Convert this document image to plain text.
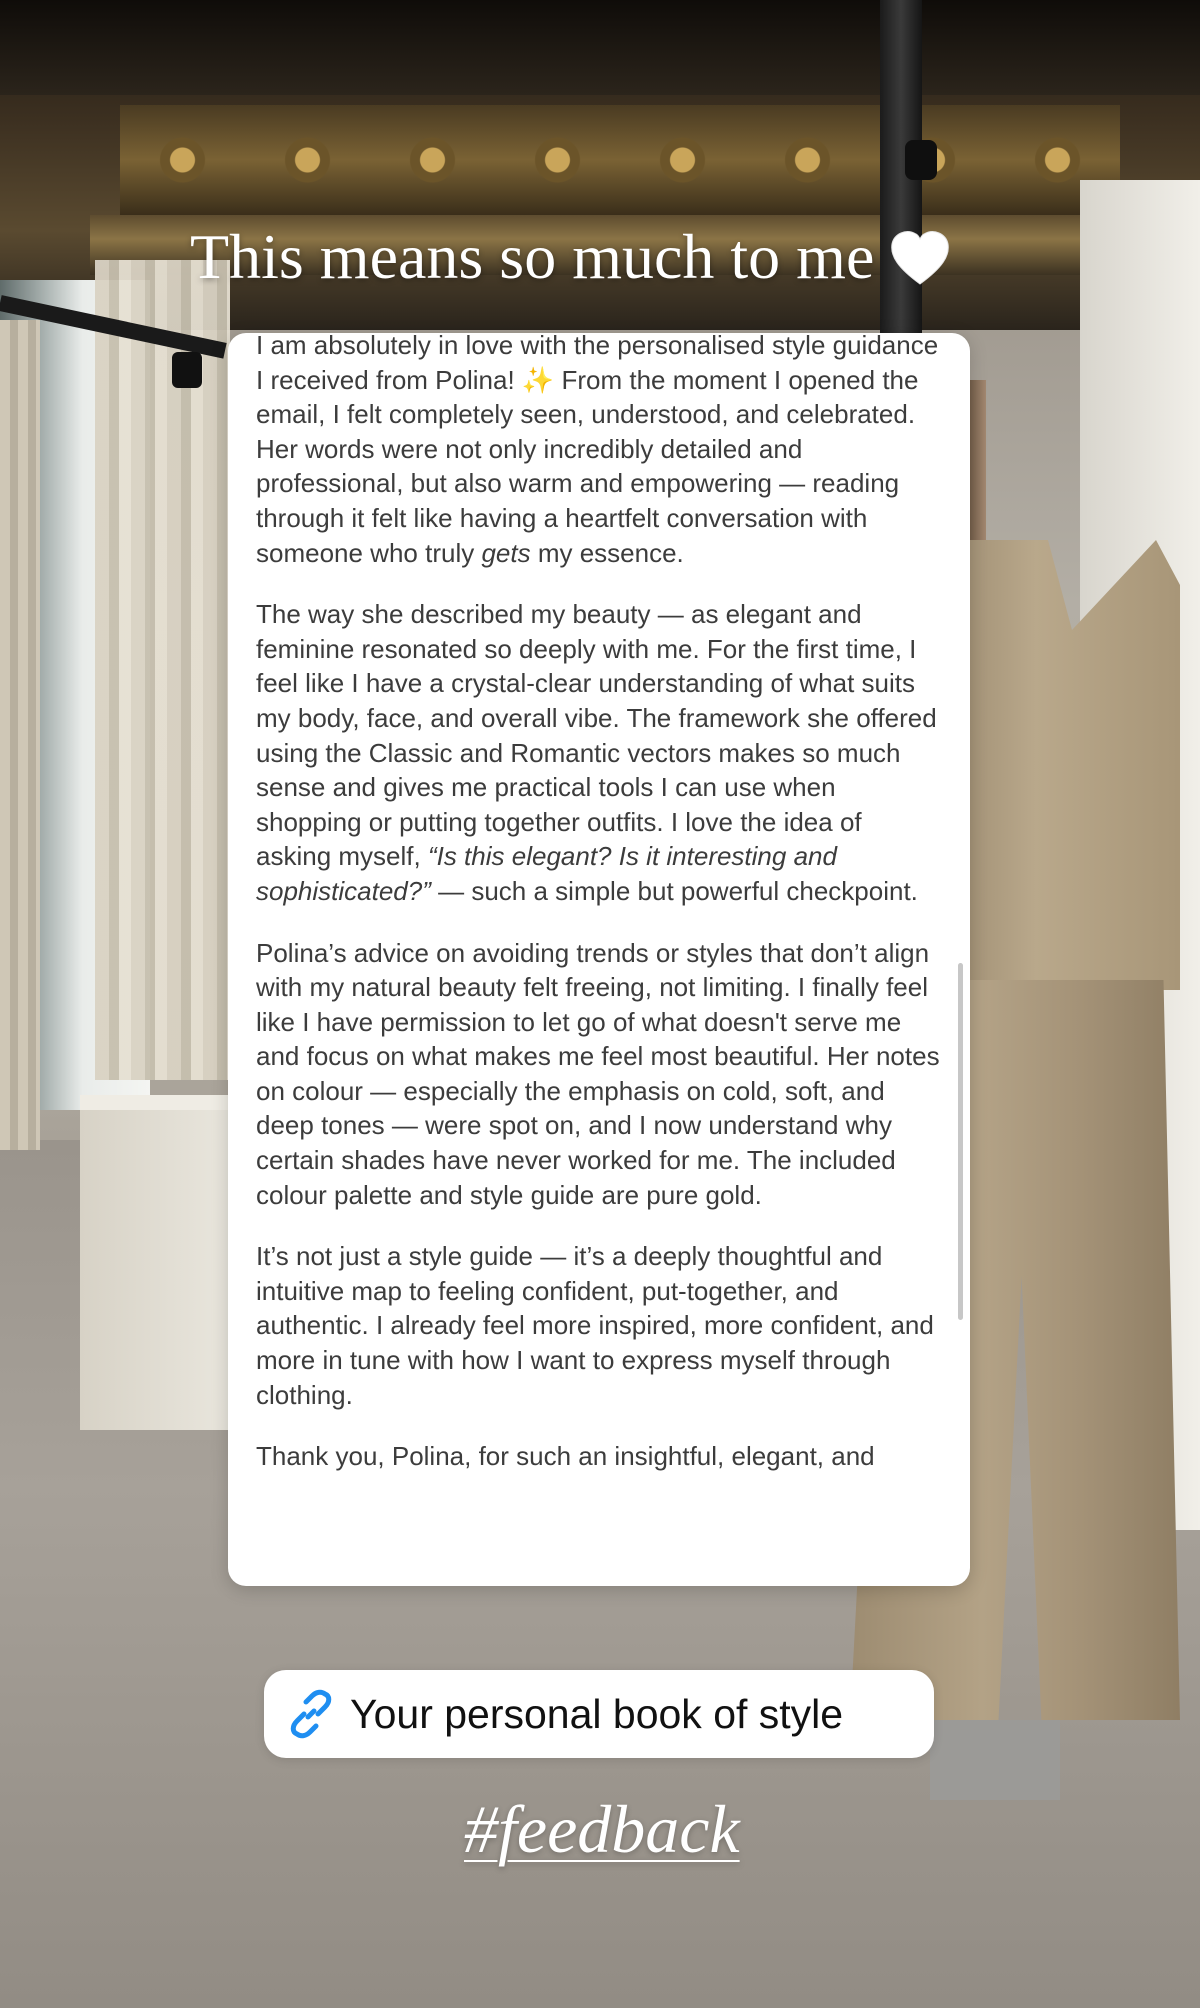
This means so much to me

I am absolutely in love with the personalised style guidance I received from Polina! ✨ From the moment I opened the email, I felt completely seen, understood, and celebrated. Her words were not only incredibly detailed and professional, but also warm and empowering — reading through it felt like having a heartfelt conversation with someone who truly gets my essence.

The way she described my beauty — as elegant and feminine resonated so deeply with me. For the first time, I feel like I have a crystal-clear understanding of what suits my body, face, and overall vibe. The framework she offered using the Classic and Romantic vectors makes so much sense and gives me practical tools I can use when shopping or putting together outfits. I love the idea of asking myself, “Is this elegant? Is it interesting and sophisticated?” — such a simple but powerful checkpoint.

Polina’s advice on avoiding trends or styles that don’t align with my natural beauty felt freeing, not limiting. I finally feel like I have permission to let go of what doesn't serve me and focus on what makes me feel most beautiful. Her notes on colour — especially the emphasis on cold, soft, and deep tones — were spot on, and I now understand why certain shades have never worked for me. The included colour palette and style guide are pure gold.

It’s not just a style guide — it’s a deeply thoughtful and intuitive map to feeling confident, put-together, and authentic. I already feel more inspired, more confident, and more in tune with how I want to express myself through clothing.

Thank you, Polina, for such an insightful, elegant, and

Your personal book of style
#feedback
